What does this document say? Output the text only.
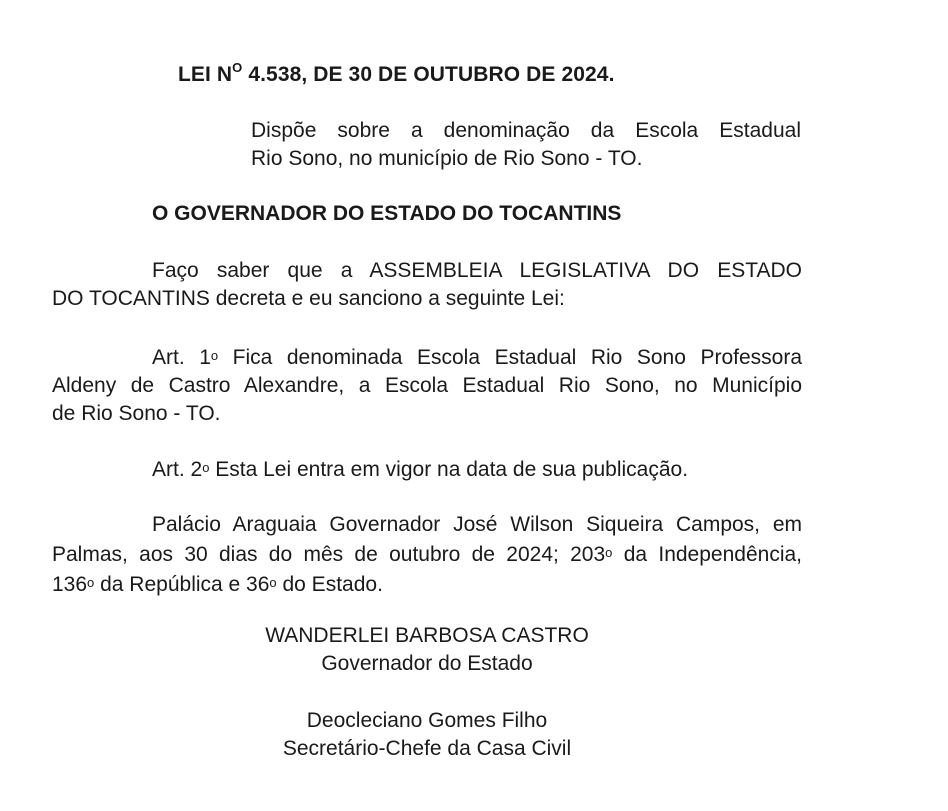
LEI $N^O$ 4.538, DE 30 DE OUTUBRO DE 2024.
Dispõe sobre a denominação da Escola Estadual
Rio Sono, no município de Rio Sono - TO.
O GOVERNADOR DO ESTADO DO TOCANTINS
Faço saber que a ASSEMBLEIA LEGISLATIVA DO ESTADO
DO TOCANTINS decreta e eu sanciono a seguinte Lei:
Art. 1$^o$ Fica denominada Escola Estadual Rio Sono Professora
Aldeny de Castro Alexandre, a Escola Estadual Rio Sono, no Município
de Rio Sono - TO.
Art. 2$^o$ Esta Lei entra em vigor na data de sua publicação.
Palácio Araguaia Governador José Wilson Siqueira Campos, em
Palmas, aos 30 dias do mês de outubro de 2024; 203$^o$ da Independência,
136$^o$ da República e 36$^o$ do Estado.
WANDERLEI BARBOSA CASTRO
Governador do Estado
Deocleciano Gomes Filho
Secretário-Chefe da Casa Civil
